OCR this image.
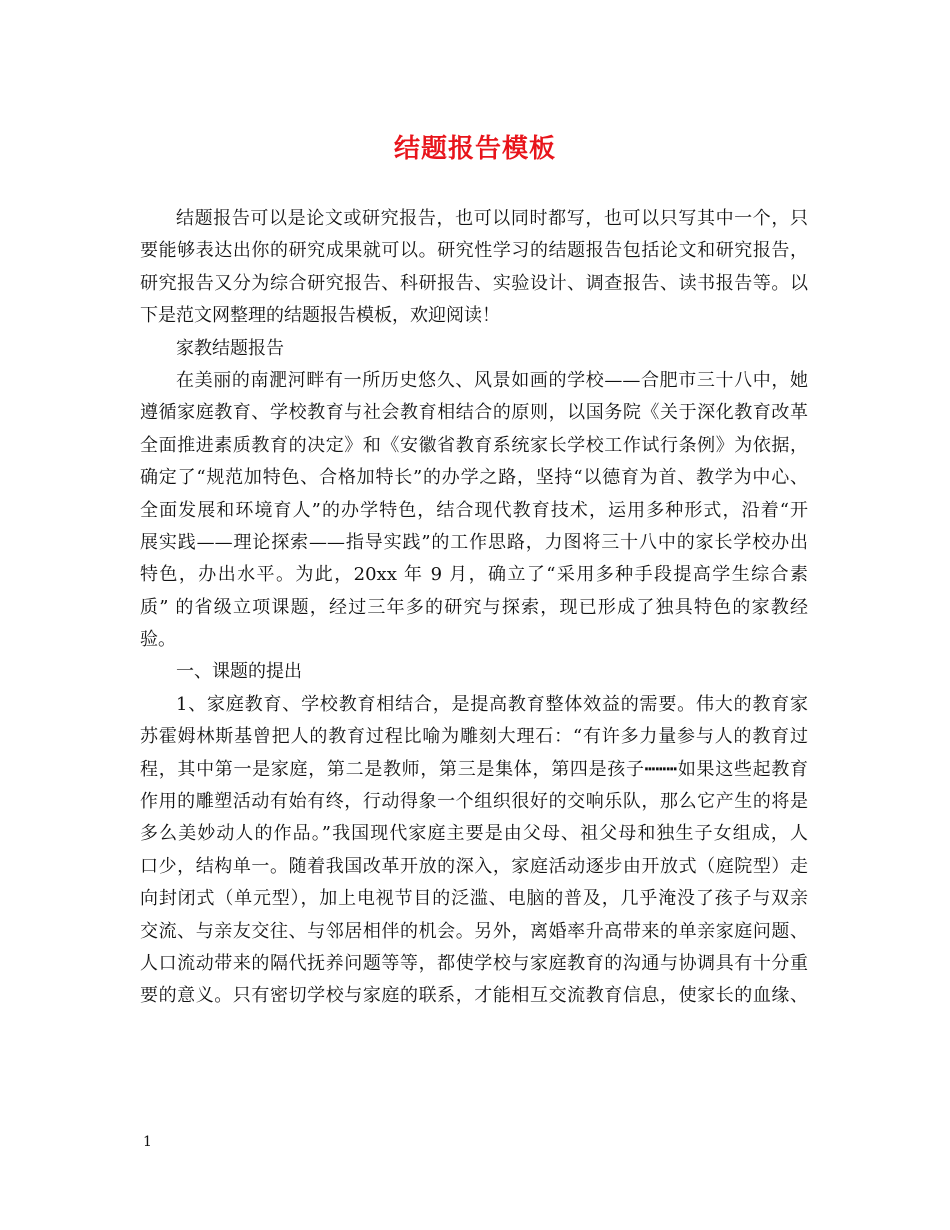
结题报告模板
结题报告可以是论文或研究报告，也可以同时都写，也可以只写其中一个，只
要能够表达出你的研究成果就可以。研究性学习的结题报告包括论文和研究报告，
研究报告又分为综合研究报告、科研报告、实验设计、调查报告、读书报告等。以
下是范文网整理的结题报告模板，欢迎阅读！
家教结题报告
在美丽的南淝河畔有一所历史悠久、风景如画的学校——合肥市三十八中，她
遵循家庭教育、学校教育与社会教育相结合的原则，以国务院《关于深化教育改革
全面推进素质教育的决定》和《安徽省教育系统家长学校工作试行条例》为依据，
确定了“规范加特色、合格加特长”的办学之路，坚持“以德育为首、教学为中心、
全面发展和环境育人”的办学特色，结合现代教育技术，运用多种形式，沿着“开
展实践——理论探索——指导实践”的工作思路，力图将三十八中的家长学校办出
特色，办出水平。为此，20xx 年 9 月，确立了“采用多种手段提高学生综合素
质” 的省级立项课题，经过三年多的研究与探索，现已形成了独具特色的家教经
验。
一、课题的提出
1、家庭教育、学校教育相结合，是提高教育整体效益的需要。伟大的教育家
苏霍姆林斯基曾把人的教育过程比喻为雕刻大理石：“有许多力量参与人的教育过
程，其中第一是家庭，第二是教师，第三是集体，第四是孩子┅┅┅如果这些起教育
作用的雕塑活动有始有终，行动得象一个组织很好的交响乐队，那么它产生的将是
多么美妙动人的作品。”我国现代家庭主要是由父母、祖父母和独生子女组成，人
口少，结构单一。随着我国改革开放的深入，家庭活动逐步由开放式（庭院型）走
向封闭式（单元型），加上电视节目的泛滥、电脑的普及，几乎淹没了孩子与双亲
交流、与亲友交往、与邻居相伴的机会。另外，离婚率升高带来的单亲家庭问题、
人口流动带来的隔代抚养问题等等，都使学校与家庭教育的沟通与协调具有十分重
要的意义。只有密切学校与家庭的联系，才能相互交流教育信息，使家长的血缘、
1
